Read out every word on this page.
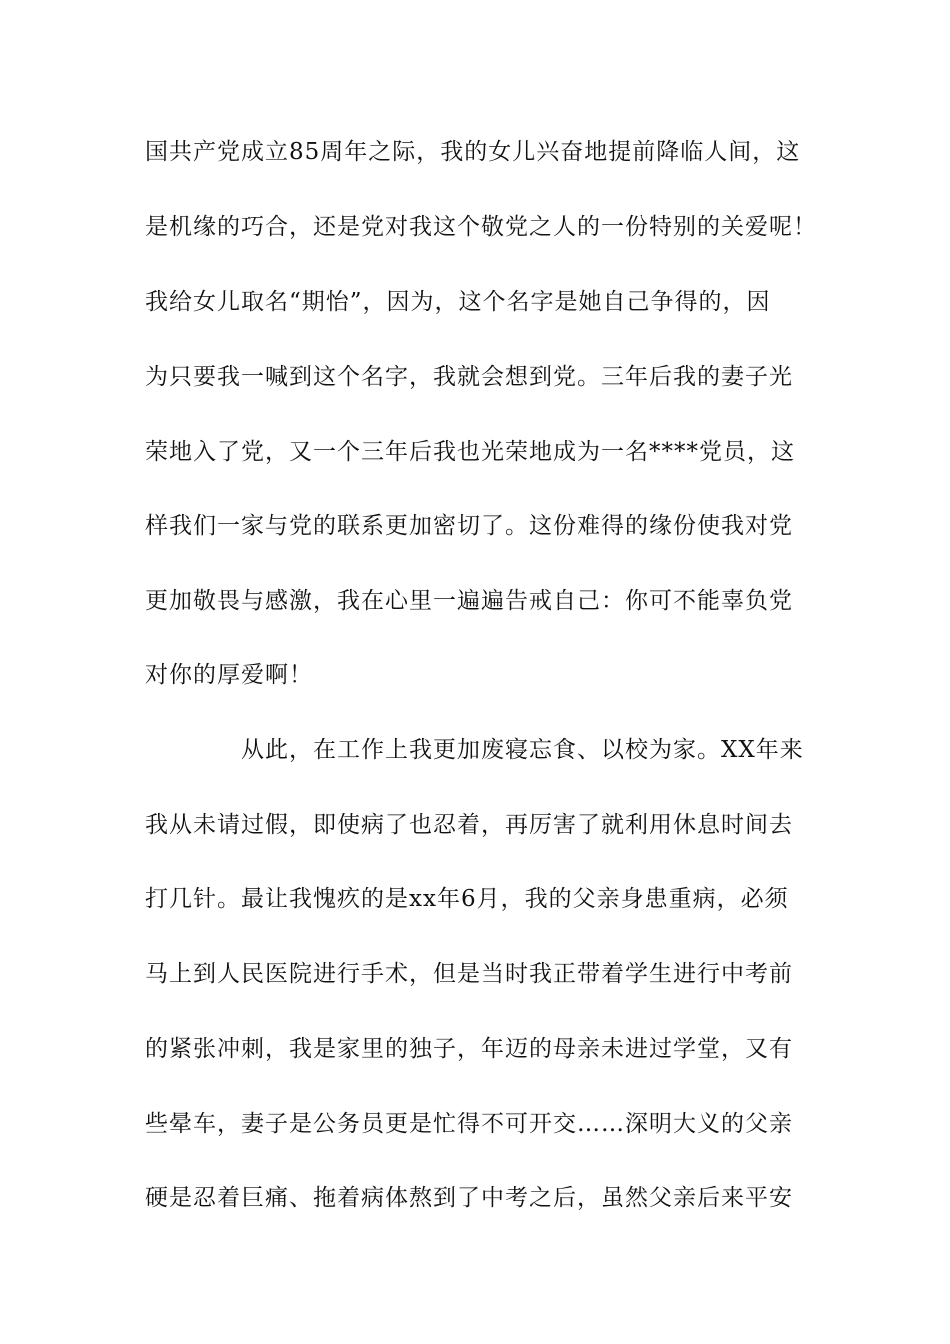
国共产党成立85周年之际，我的女儿兴奋地提前降临人间，这
是机缘的巧合，还是党对我这个敬党之人的一份特别的关爱呢！
我给女儿取名“期怡”，因为，这个名字是她自己争得的，因
为只要我一喊到这个名字，我就会想到党。三年后我的妻子光
荣地入了党，又一个三年后我也光荣地成为一名****党员，这
样我们一家与党的联系更加密切了。这份难得的缘份使我对党
更加敬畏与感激，我在心里一遍遍告戒自己：你可不能辜负党
对你的厚爱啊！
从此，在工作上我更加废寝忘食、以校为家。XX年来
我从未请过假，即使病了也忍着，再厉害了就利用休息时间去
打几针。最让我愧疚的是xx年6月，我的父亲身患重病，必须
马上到人民医院进行手术，但是当时我正带着学生进行中考前
的紧张冲刺，我是家里的独子，年迈的母亲未进过学堂，又有
些晕车，妻子是公务员更是忙得不可开交……深明大义的父亲
硬是忍着巨痛、拖着病体熬到了中考之后，虽然父亲后来平安
